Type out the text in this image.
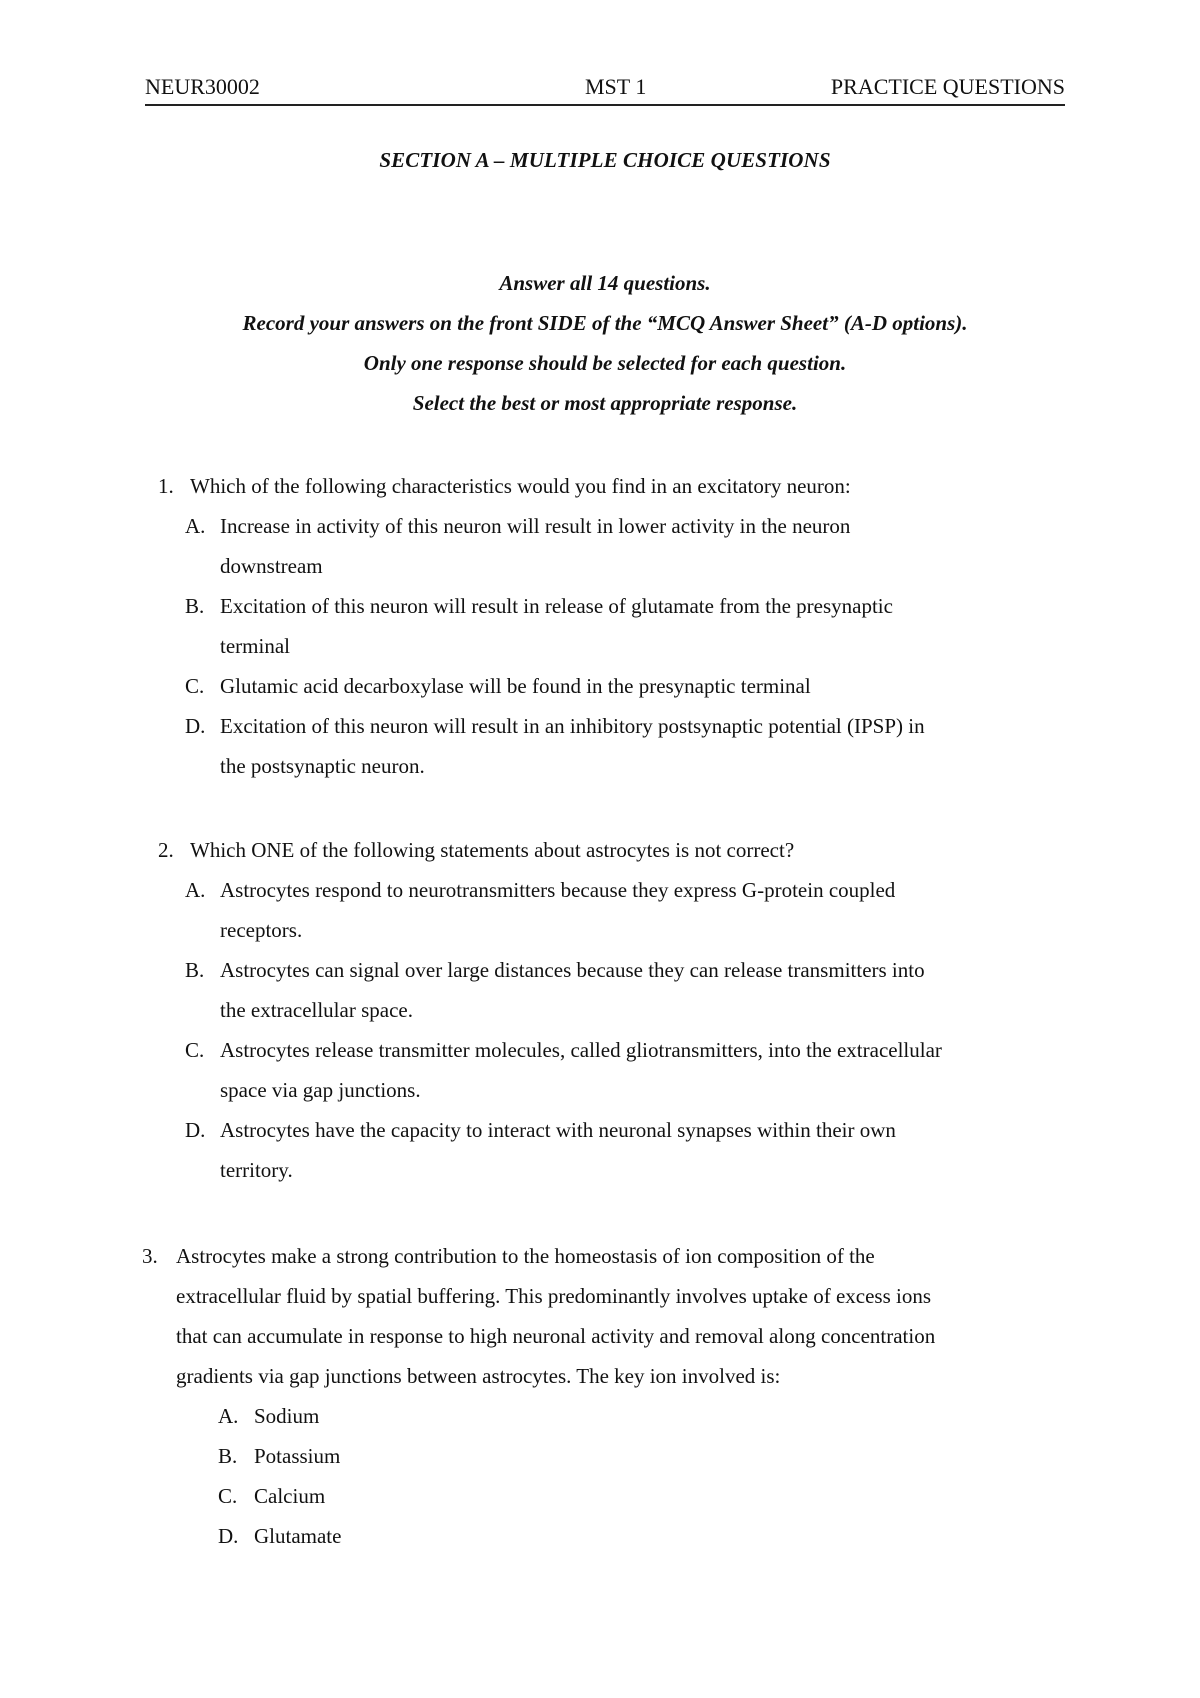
NEUR30002	MST 1	PRACTICE QUESTIONS
SECTION A – MULTIPLE CHOICE QUESTIONS
Answer all 14 questions.
Record your answers on the front SIDE of the “MCQ Answer Sheet” (A-D options).
Only one response should be selected for each question.
Select the best or most appropriate response.
1. Which of the following characteristics would you find in an excitatory neuron:
A. Increase in activity of this neuron will result in lower activity in the neuron
downstream
B. Excitation of this neuron will result in release of glutamate from the presynaptic
terminal
C. Glutamic acid decarboxylase will be found in the presynaptic terminal
D. Excitation of this neuron will result in an inhibitory postsynaptic potential (IPSP) in
the postsynaptic neuron.
2. Which ONE of the following statements about astrocytes is not correct?
A. Astrocytes respond to neurotransmitters because they express G-protein coupled
receptors.
B. Astrocytes can signal over large distances because they can release transmitters into
the extracellular space.
C. Astrocytes release transmitter molecules, called gliotransmitters, into the extracellular
space via gap junctions.
D. Astrocytes have the capacity to interact with neuronal synapses within their own
territory.
3. Astrocytes make a strong contribution to the homeostasis of ion composition of the
extracellular fluid by spatial buffering. This predominantly involves uptake of excess ions
that can accumulate in response to high neuronal activity and removal along concentration
gradients via gap junctions between astrocytes. The key ion involved is:
A. Sodium
B. Potassium
C. Calcium
D. Glutamate
